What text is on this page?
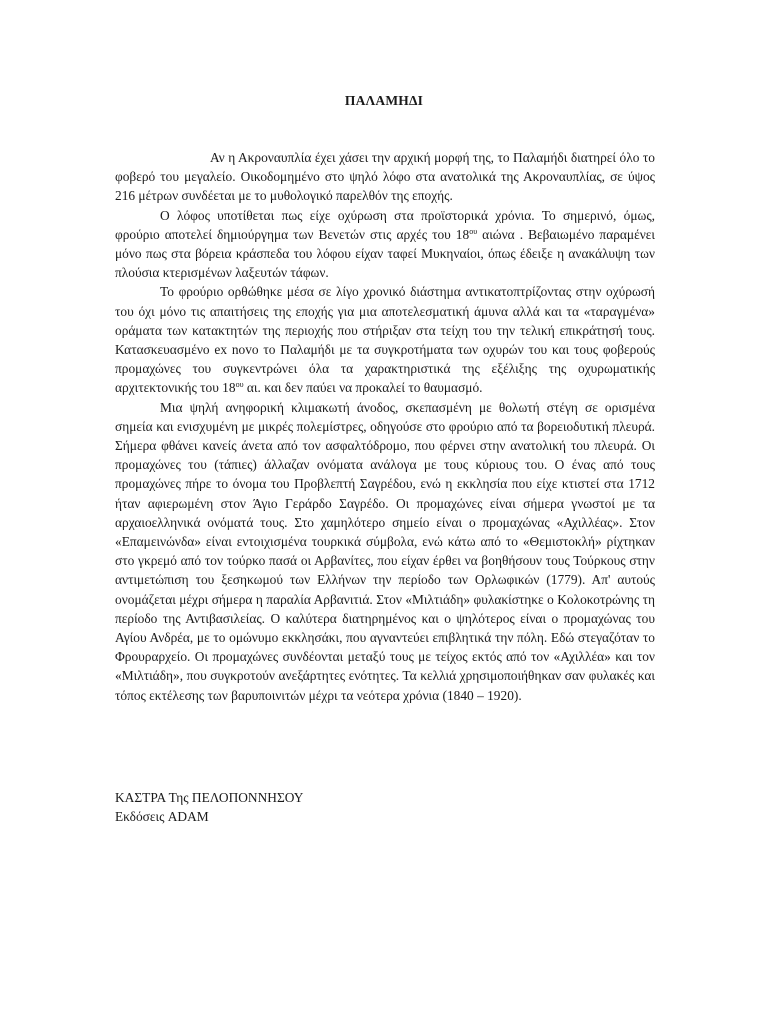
ΠΑΛΑΜΗΔΙ

Αν η Ακροναυπλία έχει χάσει την αρχική μορφή της, το Παλαμήδι διατηρεί όλο το φοβερό του μεγαλείο. Οικοδομημένο στο ψηλό λόφο στα ανατολικά της Ακροναυπλίας, σε ύψος 216 μέτρων συνδέεται με το μυθολογικό παρελθόν της εποχής.

Ο λόφος υποτίθεται πως είχε οχύρωση στα προϊστορικά χρόνια. Το σημερινό, όμως, φρούριο αποτελεί δημιούργημα των Βενετών στις αρχές του $18^{o\upsilon}$ αιώνα . Βεβαιωμένο παραμένει μόνο πως στα βόρεια κράσπεδα του λόφου είχαν ταφεί Μυκηναίοι, όπως έδειξε η ανακάλυψη των πλούσια κτερισμένων λαξευτών τάφων.

Το φρούριο ορθώθηκε μέσα σε λίγο χρονικό διάστημα αντικατοπτρίζοντας στην οχύρωσή του όχι μόνο τις απαιτήσεις της εποχής για μια αποτελεσματική άμυνα αλλά και τα «ταραγμένα» οράματα των κατακτητών της περιοχής που στήριξαν στα τείχη του την τελική επικράτησή τους. Κατασκευασμένο ex novo το Παλαμήδι με τα συγκροτήματα των οχυρών του και τους φοβερούς προμαχώνες του συγκεντρώνει όλα τα χαρακτηριστικά της εξέλιξης της οχυρωματικής αρχιτεκτονικής του $18^{o\upsilon}$ αι. και δεν παύει να προκαλεί το θαυμασμό.

Μια ψηλή ανηφορική κλιμακωτή άνοδος, σκεπασμένη με θολωτή στέγη σε ορισμένα σημεία και ενισχυμένη με μικρές πολεμίστρες, οδηγούσε στο φρούριο από τα βορειοδυτική πλευρά. Σήμερα φθάνει κανείς άνετα από τον ασφαλτόδρομο, που φέρνει στην ανατολική του πλευρά. Οι προμαχώνες του (τάπιες) άλλαζαν ονόματα ανάλογα με τους κύριους του. Ο ένας από τους προμαχώνες πήρε το όνομα του Προβλεπτή Σαγρέδου, ενώ η εκκλησία που είχε κτιστεί στα 1712 ήταν αφιερωμένη στον Άγιο Γεράρδο Σαγρέδο. Οι προμαχώνες είναι σήμερα γνωστοί με τα αρχαιοελληνικά ονόματά τους. Στο χαμηλότερο σημείο είναι ο προμαχώνας «Αχιλλέας». Στον «Επαμεινώνδα» είναι εντοιχισμένα τουρκικά σύμβολα, ενώ κάτω από το «Θεμιστοκλή» ρίχτηκαν στο γκρεμό από τον τούρκο πασά οι Αρβανίτες, που είχαν έρθει να βοηθήσουν τους Τούρκους στην αντιμετώπιση του ξεσηκωμού των Ελλήνων την περίοδο των Ορλωφικών (1779). Απ' αυτούς ονομάζεται μέχρι σήμερα η παραλία Αρβανιτιά. Στον «Μιλτιάδη» φυλακίστηκε ο Κολοκοτρώνης τη περίοδο της Αντιβασιλείας. Ο καλύτερα διατηρημένος και ο ψηλότερος είναι ο προμαχώνας του Αγίου Ανδρέα, με το ομώνυμο εκκλησάκι, που αγναντεύει επιβλητικά την πόλη. Εδώ στεγαζόταν το Φρουραρχείο. Οι προμαχώνες συνδέονται μεταξύ τους με τείχος εκτός από τον «Αχιλλέα» και τον «Μιλτιάδη», που συγκροτούν ανεξάρτητες ενότητες. Τα κελλιά χρησιμοποιήθηκαν σαν φυλακές και τόπος εκτέλεσης των βαρυποινιτών μέχρι τα νεότερα χρόνια (1840 – 1920).

ΚΑΣΤΡΑ Της ΠΕΛΟΠΟΝΝΗΣΟΥ
Εκδόσεις ADAM
